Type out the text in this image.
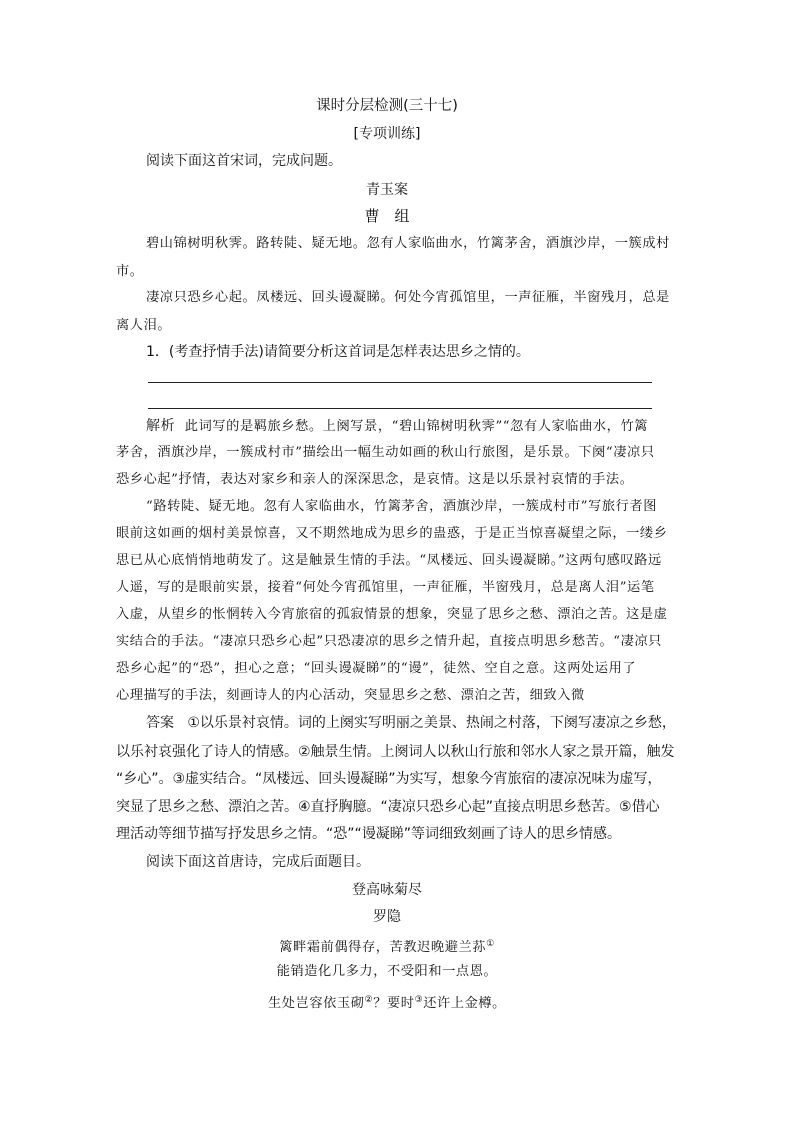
课时分层检测(三十七)
[专项训练]
阅读下面这首宋词，完成问题。
青玉案
曹　组
碧山锦树明秋霁。路转陡、疑无地。忽有人家临曲水，竹篱茅舍，酒旗沙岸，一簇成村
市。
凄凉只恐乡心起。凤楼远、回头谩凝睇。何处今宵孤馆里，一声征雁，半窗残月，总是
离人泪。
1．(考查抒情手法)请简要分析这首词是怎样表达思乡之情的。
解析 此词写的是羁旅乡愁。上阕写景，“碧山锦树明秋霁”“忽有人家临曲水，竹篱
茅舍，酒旗沙岸，一簇成村市”描绘出一幅生动如画的秋山行旅图，是乐景。下阕“凄凉只
恐乡心起”抒情，表达对家乡和亲人的深深思念，是哀情。这是以乐景衬哀情的手法。
“路转陡、疑无地。忽有人家临曲水，竹篱茅舍，酒旗沙岸，一簇成村市”写旅行者图
眼前这如画的烟村美景惊喜，又不期然地成为思乡的蛊惑，于是正当惊喜凝望之际，一缕乡
思已从心底悄悄地萌发了。这是触景生情的手法。“凤楼远、回头谩凝睇。”这两句感叹路远
人遥，写的是眼前实景，接着“何处今宵孤馆里，一声征雁，半窗残月，总是离人泪”运笔
入虚，从望乡的怅惘转入今宵旅宿的孤寂情景的想象，突显了思乡之愁、漂泊之苦。这是虚
实结合的手法。“凄凉只恐乡心起”只恐凄凉的思乡之情升起，直接点明思乡愁苦。“凄凉只
恐乡心起”的“恐”，担心之意；“回头谩凝睇”的“谩”，徒然、空自之意。这两处运用了
心理描写的手法，刻画诗人的内心活动，突显思乡之愁、漂泊之苦，细致入微
答案 ①以乐景衬哀情。词的上阕实写明丽之美景、热闹之村落，下阕写凄凉之乡愁，
以乐衬哀强化了诗人的情感。②触景生情。上阕词人以秋山行旅和邻水人家之景开篇，触发
“乡心”。③虚实结合。“凤楼远、回头谩凝睇”为实写，想象今宵旅宿的凄凉况味为虚写，
突显了思乡之愁、漂泊之苦。④直抒胸臆。“凄凉只恐乡心起”直接点明思乡愁苦。⑤借心
理活动等细节描写抒发思乡之情。“恐”“谩凝睇”等词细致刻画了诗人的思乡情感。
阅读下面这首唐诗，完成后面题目。
登高咏菊尽
罗隐
篱畔霜前偶得存，苦教迟晚避兰荪①
能销造化几多力，不受阳和一点恩。
生处岂容依玉砌②？要时③还许上金樽。
